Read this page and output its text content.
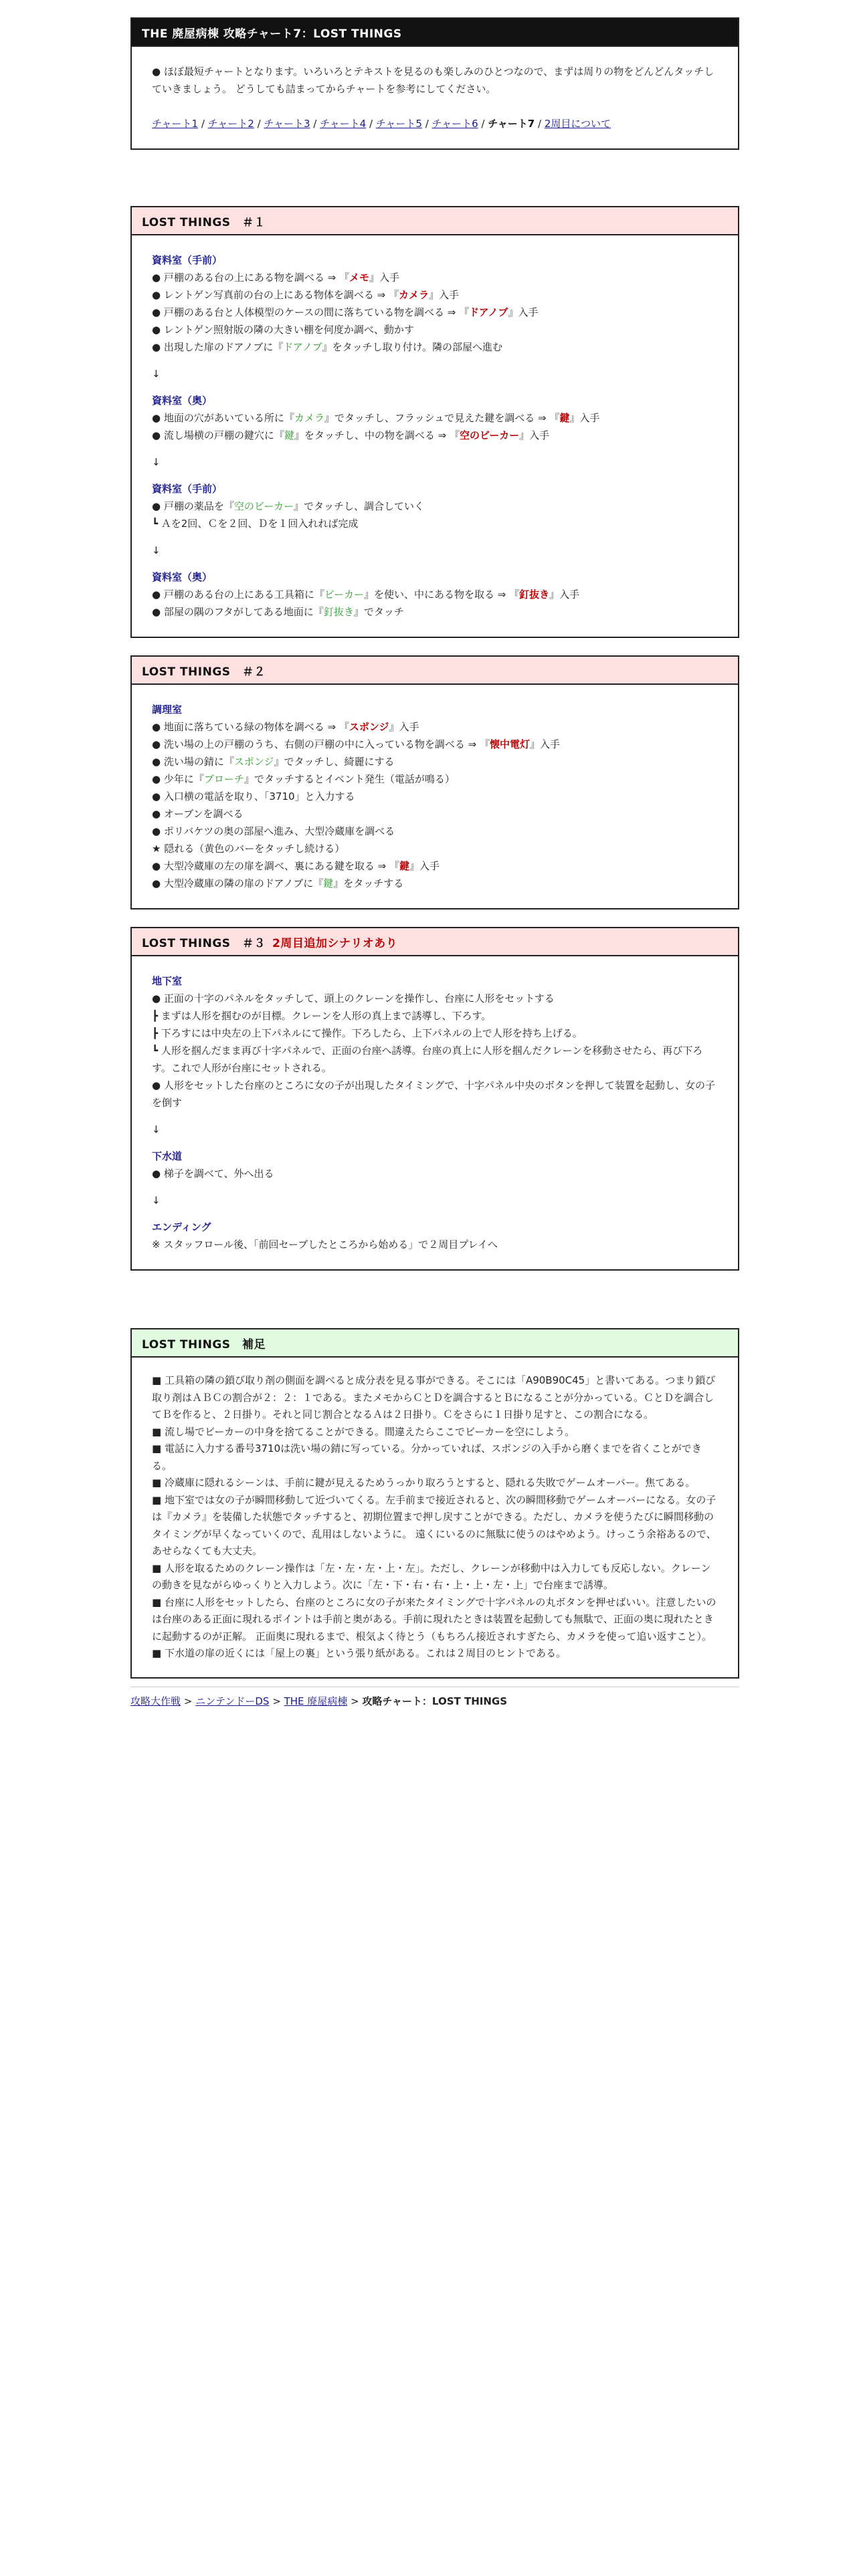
THE 廃屋病棟 攻略チャート7：LOST THINGS
● ほぼ最短チャートとなります。いろいろとテキストを見るのも楽しみのひとつなので、まずは周りの物をどんどんタッチしていきましょう。 どうしても詰まってからチャートを参考にしてください。
チャート1 / チャート2 / チャート3 / チャート4 / チャート5 / チャート6 / チャート7 / 2周目について
LOST THINGS　＃１
資料室（手前）
● 戸棚のある台の上にある物を調べる ⇒ 『メモ』入手
● レントゲン写真前の台の上にある物体を調べる ⇒ 『カメラ』入手
● 戸棚のある台と人体模型のケースの間に落ちている物を調べる ⇒ 『ドアノブ』入手
● レントゲン照射版の隣の大きい棚を何度か調べ、動かす
● 出現した扉のドアノブに『ドアノブ』をタッチし取り付け。隣の部屋へ進む
↓
資料室（奥）
● 地面の穴があいている所に『カメラ』でタッチし、フラッシュで見えた鍵を調べる ⇒ 『鍵』入手
● 流し場横の戸棚の鍵穴に『鍵』をタッチし、中の物を調べる ⇒ 『空のビーカー』入手
↓
資料室（手前）
● 戸棚の薬品を『空のビーカー』でタッチし、調合していく
┗ Ａを2回、Ｃを２回、Ｄを１回入れれば完成
↓
資料室（奥）
● 戸棚のある台の上にある工具箱に『ビーカー』を使い、中にある物を取る ⇒ 『釘抜き』入手
● 部屋の隅のフタがしてある地面に『釘抜き』でタッチ
LOST THINGS　＃２
調理室
● 地面に落ちている緑の物体を調べる ⇒ 『スポンジ』入手
● 洗い場の上の戸棚のうち、右側の戸棚の中に入っている物を調べる ⇒ 『懐中電灯』入手
● 洗い場の錆に『スポンジ』でタッチし、綺麗にする
● 少年に『ブローチ』でタッチするとイベント発生（電話が鳴る）
● 入口横の電話を取り、「3710」と入力する
● オーブンを調べる
● ポリバケツの奥の部屋へ進み、大型冷蔵庫を調べる
★ 隠れる（黄色のバーをタッチし続ける）
● 大型冷蔵庫の左の扉を調べ、裏にある鍵を取る ⇒ 『鍵』入手
● 大型冷蔵庫の隣の扉のドアノブに『鍵』をタッチする
LOST THINGS　＃３ 2周目追加シナリオあり
地下室
● 正面の十字のパネルをタッチして、頭上のクレーンを操作し、台座に人形をセットする
┣ まずは人形を掴むのが目標。クレーンを人形の真上まで誘導し、下ろす。
┣ 下ろすには中央左の上下パネルにて操作。下ろしたら、上下パネルの上で人形を持ち上げる。
┗ 人形を掴んだまま再び十字パネルで、正面の台座へ誘導。台座の真上に人形を掴んだクレーンを移動させたら、再び下ろす。これで人形が台座にセットされる。
● 人形をセットした台座のところに女の子が出現したタイミングで、十字パネル中央のボタンを押して装置を起動し、女の子を倒す
↓
下水道
● 梯子を調べて、外へ出る
↓
エンディング
※ スタッフロール後、「前回セーブしたところから始める」で２周目プレイへ
LOST THINGS　補足
■ 工具箱の隣の鎖び取り剤の側面を調べると成分表を見る事ができる。そこには「A90B90C45」と書いてある。つまり鎖び取り剤はＡＢＣの割合が２：２：１である。またメモからＣとＤを調合するとＢになることが分かっている。ＣとＤを調合してＢを作ると、２日掛り。それと同じ割合となるＡは２日掛り。Ｃをさらに１日掛り足すと、この割合になる。
■ 流し場でビーカーの中身を捨てることができる。間違えたらここでビーカーを空にしよう。
■ 電話に入力する番号3710は洗い場の錆に写っている。分かっていれば、スポンジの入手から磨くまでを省くことができる。
■ 冷蔵庫に隠れるシーンは、手前に鍵が見えるためうっかり取ろうとすると、隠れる失敗でゲームオーバー。焦てある。
■ 地下室では女の子が瞬間移動して近づいてくる。左手前まで接近されると、次の瞬間移動でゲームオーバーになる。女の子は『カメラ』を装備した状態でタッチすると、初期位置まで押し戻すことができる。ただし、カメラを使うたびに瞬間移動のタイミングが早くなっていくので、乱用はしないように。 遠くにいるのに無駄に使うのはやめよう。けっこう余裕あるので、あせらなくても大丈夫。
■ 人形を取るためのクレーン操作は「左・左・左・上・左」。ただし、クレーンが移動中は入力しても反応しない。クレーンの動きを見ながらゆっくりと入力しよう。次に「左・下・右・右・上・上・左・上」で台座まで誘導。
■ 台座に人形をセットしたら、台座のところに女の子が来たタイミングで十字パネルの丸ボタンを押せばいい。注意したいのは台座のある正面に現れるポイントは手前と奥がある。手前に現れたときは装置を起動しても無駄で、正面の奥に現れたときに起動するのが正解。 正面奥に現れるまで、根気よく待とう（もちろん接近されすぎたら、カメラを使って追い返すこと）。
■ 下水道の扉の近くには「屋上の裏」という張り紙がある。これは２周目のヒントである。
攻略大作戦 > ニンテンドーDS > THE 廃屋病棟 > 攻略チャート：LOST THINGS
